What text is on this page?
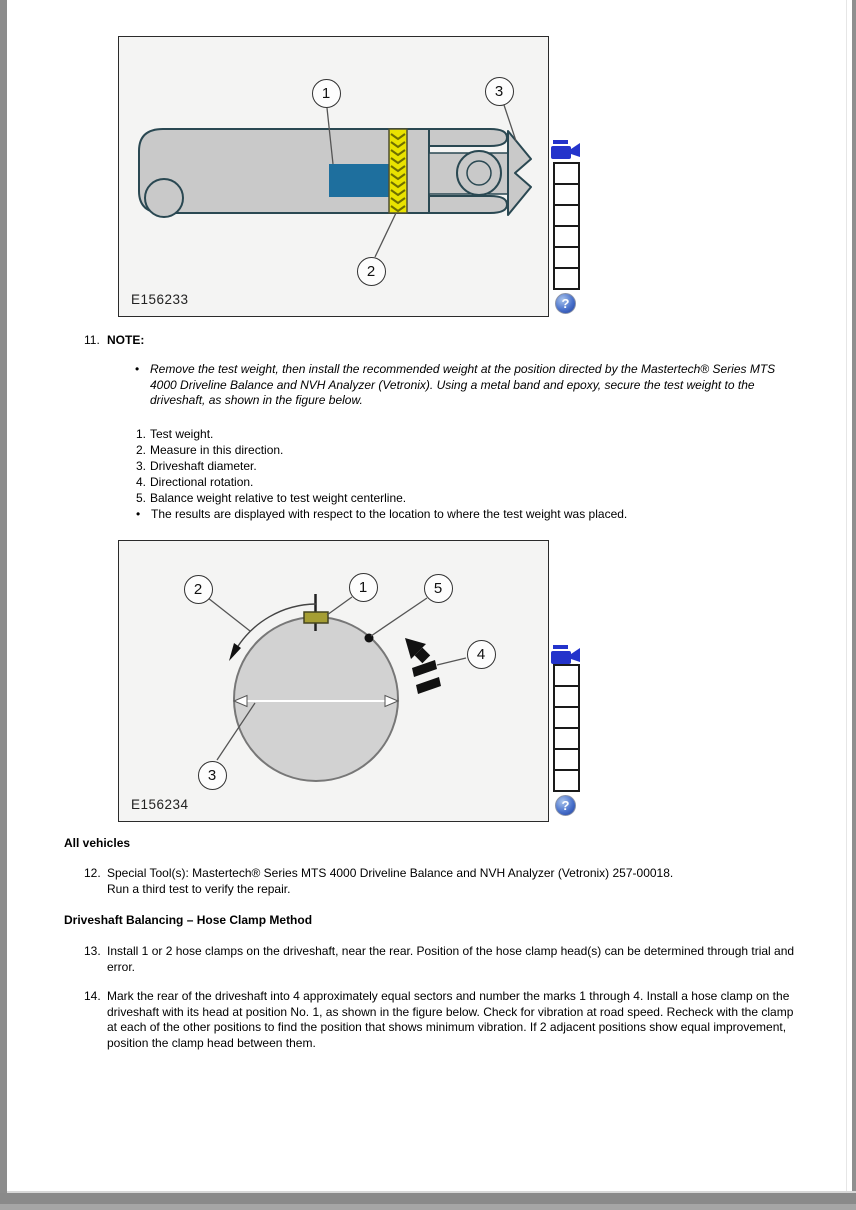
1
2
3
E156233	?
11. NOTE:
• Remove the test weight, then install the recommended weight at the position directed by the Mastertech® Series MTS 4000 Driveline Balance and NVH Analyzer (Vetronix). Using a metal band and epoxy, secure the test weight to the driveshaft, as shown in the figure below.
1. Test weight.
2. Measure in this direction.
3. Driveshaft diameter.
4. Directional rotation.
5. Balance weight relative to test weight centerline.
• The results are displayed with respect to the location to where the test weight was placed.
1
2
3
4
5
E156234	?
All vehicles
12. Special Tool(s): Mastertech® Series MTS 4000 Driveline Balance and NVH Analyzer (Vetronix) 257-00018.
Run a third test to verify the repair.
Driveshaft Balancing – Hose Clamp Method
13. Install 1 or 2 hose clamps on the driveshaft, near the rear. Position of the hose clamp head(s) can be determined through trial and error.
14. Mark the rear of the driveshaft into 4 approximately equal sectors and number the marks 1 through 4. Install a hose clamp on the driveshaft with its head at position No. 1, as shown in the figure below. Check for vibration at road speed. Recheck with the clamp at each of the other positions to find the position that shows minimum vibration. If 2 adjacent positions show equal improvement, position the clamp head between them.
